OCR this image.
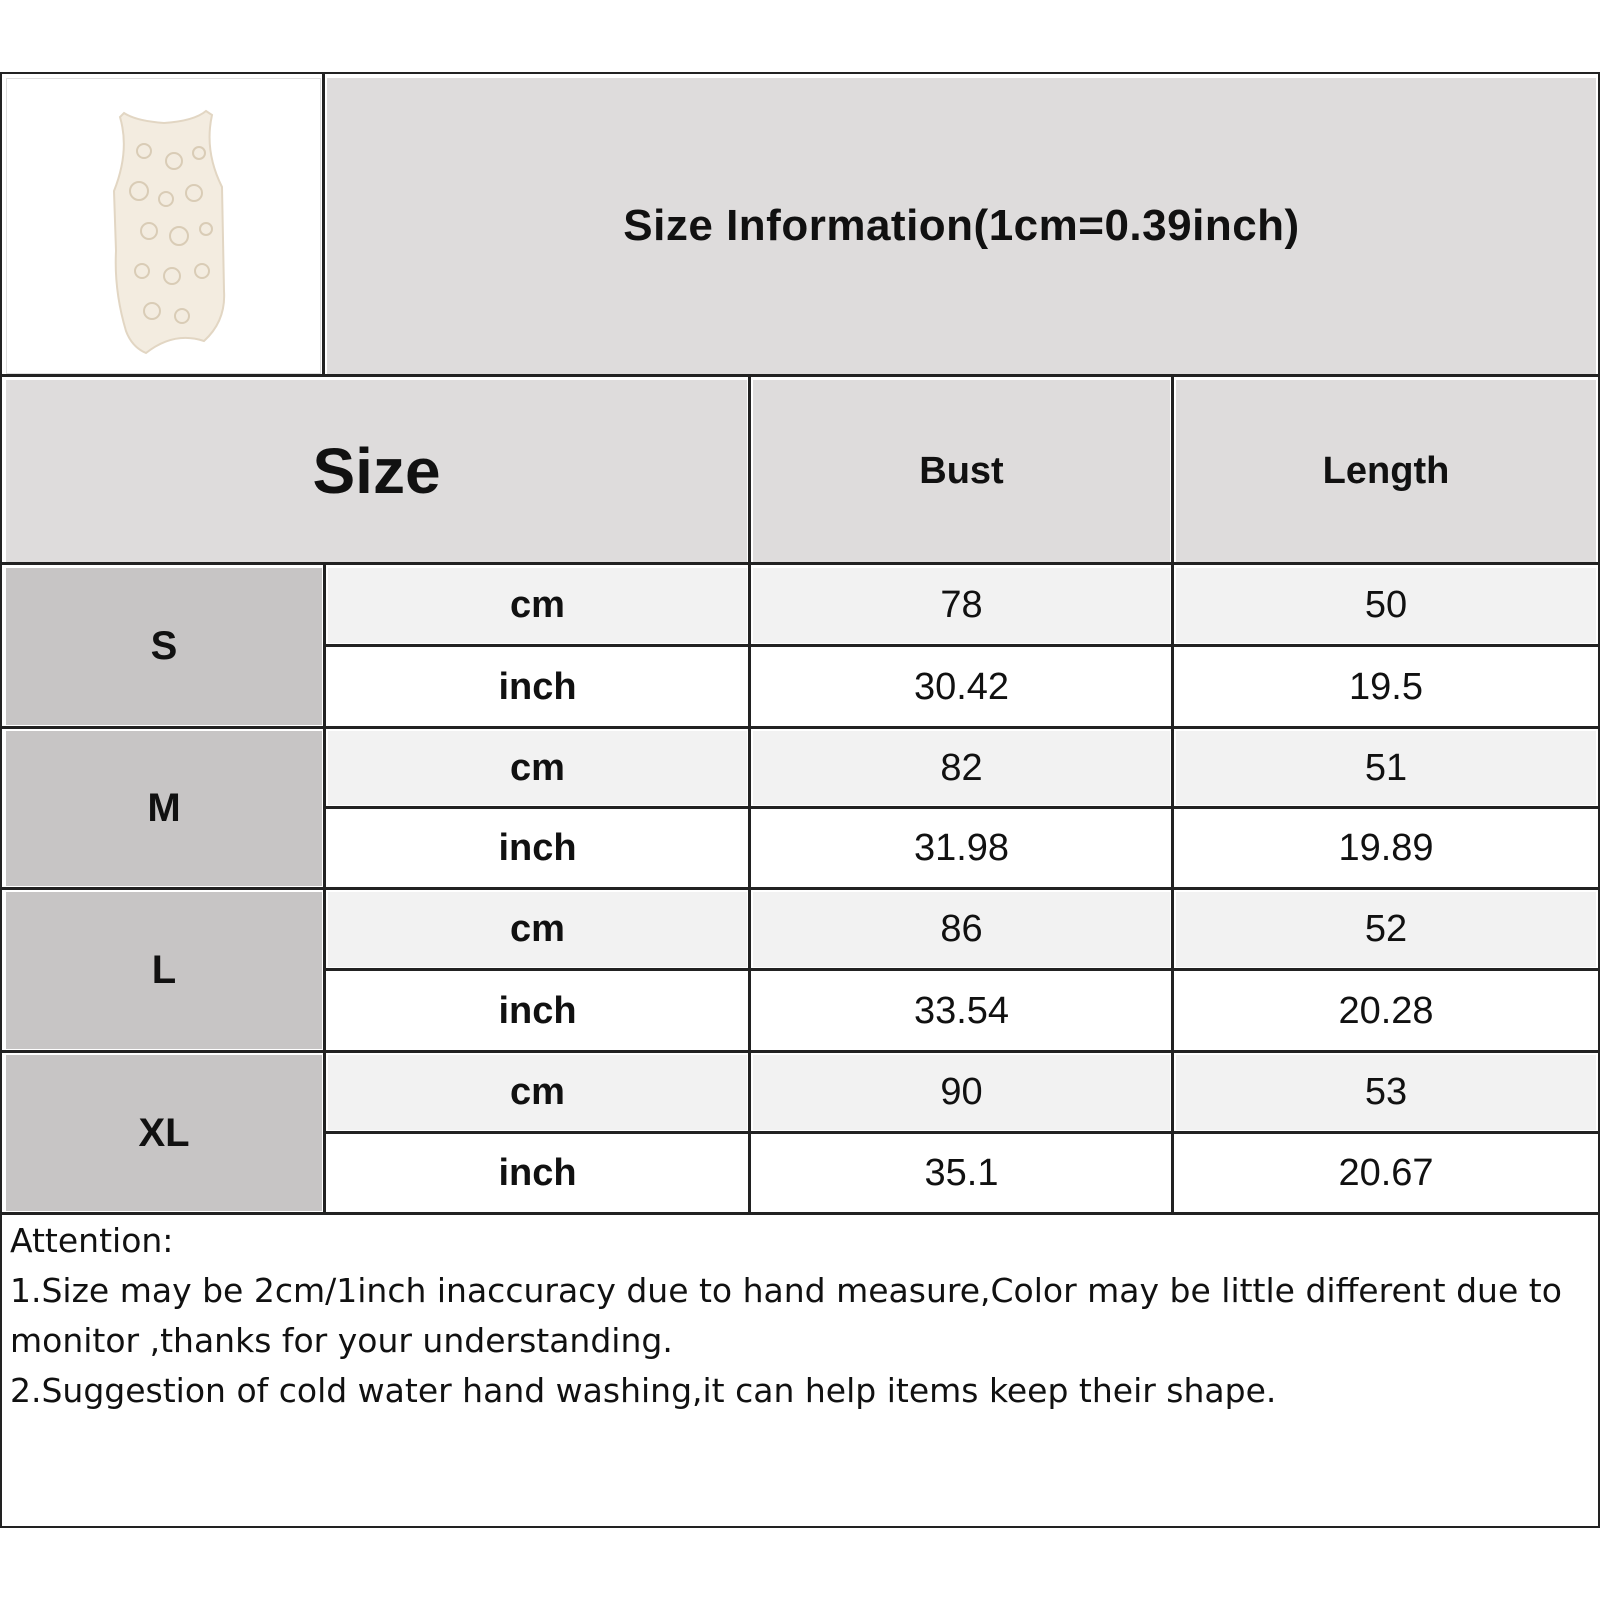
Size Information(1cm=0.39inch)
Size	Bust	Length
S
cm	78	50
inch	30.42	19.5
M
cm	82	51
inch	31.98	19.89
L
cm	86	52
inch	33.54	20.28
XL
cm	90	53
inch	35.1	20.67

Attention:

1.Size may be 2cm/1inch inaccuracy due to hand measure,Color may be little different due to monitor ,thanks for your understanding.

2.Suggestion of cold water hand washing,it can help items keep their shape.
